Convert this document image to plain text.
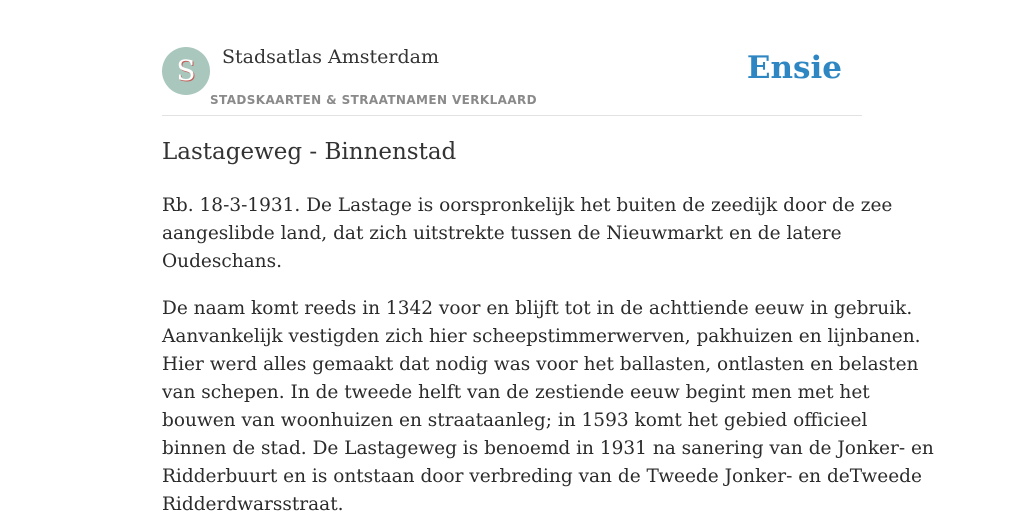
S	Stadsatlas Amsterdam
STADSKAARTEN & STRAATNAMEN VERKLAARD
Ensie
Lastageweg - Binnenstad

Rb. 18-3-1931. De Lastage is oorspronkelijk het buiten de zeedijk door de zee
aangeslibde land, dat zich uitstrekte tussen de Nieuwmarkt en de latere
Oudeschans.

De naam komt reeds in 1342 voor en blijft tot in de achttiende eeuw in gebruik.
Aanvankelijk vestigden zich hier scheepstimmerwerven, pakhuizen en lijnbanen.
Hier werd alles gemaakt dat nodig was voor het ballasten, ontlasten en belasten
van schepen. In de tweede helft van de zestiende eeuw begint men met het
bouwen van woonhuizen en straataanleg; in 1593 komt het gebied officieel
binnen de stad. De Lastageweg is benoemd in 1931 na sanering van de Jonker- en
Ridderbuurt en is ontstaan door verbreding van de Tweede Jonker- en deTweede
Ridderdwarsstraat.
